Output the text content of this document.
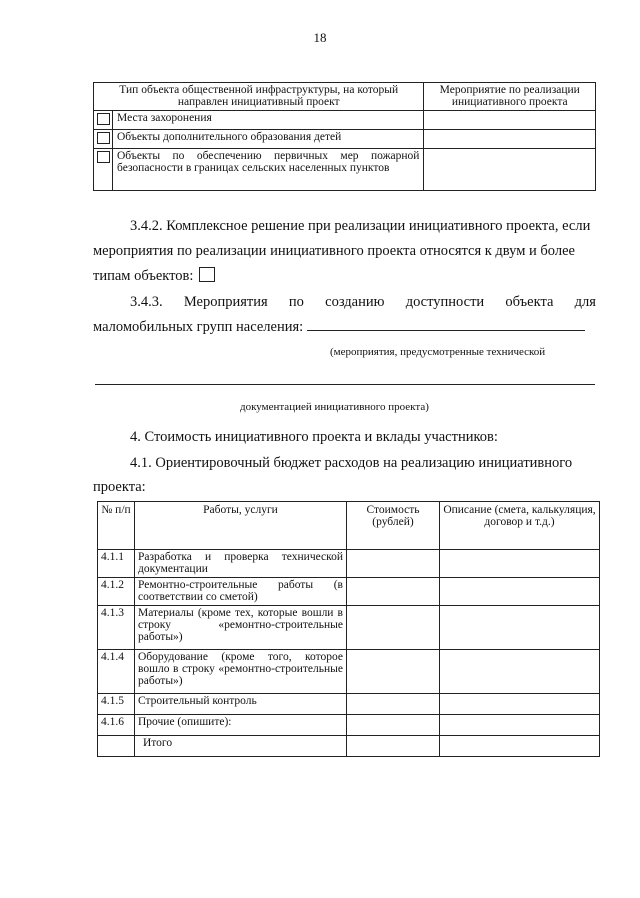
18
Тип объекта общественной инфраструктуры, на который направлен инициативный проект		Мероприятие по реализации инициативного проекта
	Места захоронения	
	Объекты дополнительного образования детей	
	Объекты по обеспечению первичных мер пожарной безопасности в границах сельских населенных пунктов	

3.4.2. Комплексное решение при реализации инициативного проекта, если

мероприятия по реализации инициативного проекта относятся к двум и более

типам объектов:

3.4.3. Мероприятия по созданию доступности объекта для

маломобильных групп населения:

(мероприятия, предусмотренные технической
документацией инициативного проекта)

4. Стоимость инициативного проекта и вклады участников:

4.1. Ориентировочный бюджет расходов на реализацию инициативного

проекта:

№ п/п	Работы, услуги	Стоимость (рублей)	Описание (смета, калькуляция, договор и т.д.)
4.1.1	Разработка и проверка технической документации		
4.1.2	Ремонтно-строительные работы (в соответствии со сметой)		
4.1.3	Материалы (кроме тех, которые вошли в строку «ремонтно-строительные работы»)		
4.1.4	Оборудование (кроме того, которое вошло в строку «ремонтно-строительные работы»)		
4.1.5	Строительный контроль		
4.1.6	Прочие (опишите):		
	Итого		
